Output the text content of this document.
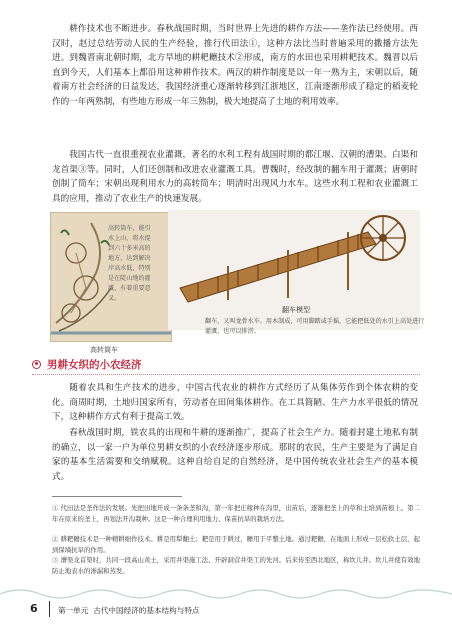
耕作技术也不断进步。春秋战国时期，当时世界上先进的耕作方法——垄作法已经使用。西汉时，赵过总结劳动人民的生产经验，推行代田法①，这种方法比当时普遍采用的撒播方法先进。到魏晋南北朝时期，北方旱地的耕耙耱技术②形成，南方的水田也采用耕耙技术。魏晋以后直到今天，人们基本上都沿用这种耕作技术。两汉的耕作制度是以一年一熟为主，宋朝以后，随着南方社会经济的日益发达，我国经济重心逐渐转移到江浙地区，江南逐渐形成了稳定的稻麦轮作的一年两熟制，有些地方形成一年三熟制，极大地提高了土地的利用效率。

我国古代一直很重视农业灌溉，著名的水利工程有战国时期的都江堰、汉朝的漕渠、白渠和龙首渠③等。同时，人们还创制和改进农业灌溉工具。曹魏时，经改制的翻车用于灌溉；唐朝时创制了筒车；宋朝出现利用水力的高转筒车；明清时出现风力水车。这些水利工程和农业灌溉工具的应用，推动了农业生产的快速发展。

高转筒车，能引水上山，将水提到六十多米高的地方，达到解决岸高水低，特别是在陡山地的灌溉，有着重要意义。
高转筒车
翻车模型
翻车，又叫龙骨水车。用木制成，可用脚踏或手摇，它能把低处的水引上高处进行灌溉，也可以排涝。
男耕女织的小农经济

随着农具和生产技术的进步，中国古代农业的耕作方式经历了从集体劳作到个体农耕的变化。商周时期，土地归国家所有，劳动者在田间集体耕作。在工具简陋、生产力水平很低的情况下，这种耕作方式有利于提高工效。

春秋战国时期，铁农具的出现和牛耕的逐渐推广，提高了社会生产力。随着封建土地私有制的确立，以一家一户为单位男耕女织的小农经济逐步形成。那时的农民，生产主要是为了满足自家的基本生活需要和交纳赋税。这种自给自足的自然经济，是中国传统农业社会生产的基本模式。

① 代田法是垄作法的发展。先把田地开成一条条垄和沟，第一年把庄稼种在沟里，出苗后，逐渐把垄上的草和土培到苗根上。第二年在原来的垄上，再划法开沟栽种。这是一种合理利用地力、保苗抗旱的栽培方法。

② 耕耙耱技术是一种精耕细作技术。耕是用犁翻土；耙是用于耕过，耱用于平整土地。通过耙耱，在地面上形成一层松软土层，起到保墒抗旱的作用。

③ 漕渠龙首渠时，共同一段高山黄土，采用井渠施工法、开辟洞营井渠工的先河。后来传至西北地区，称坎儿井。坎儿井使有效地防止地表水的渗漏和蒸发。

6	第一单元 古代中国经济的基本结构与特点
